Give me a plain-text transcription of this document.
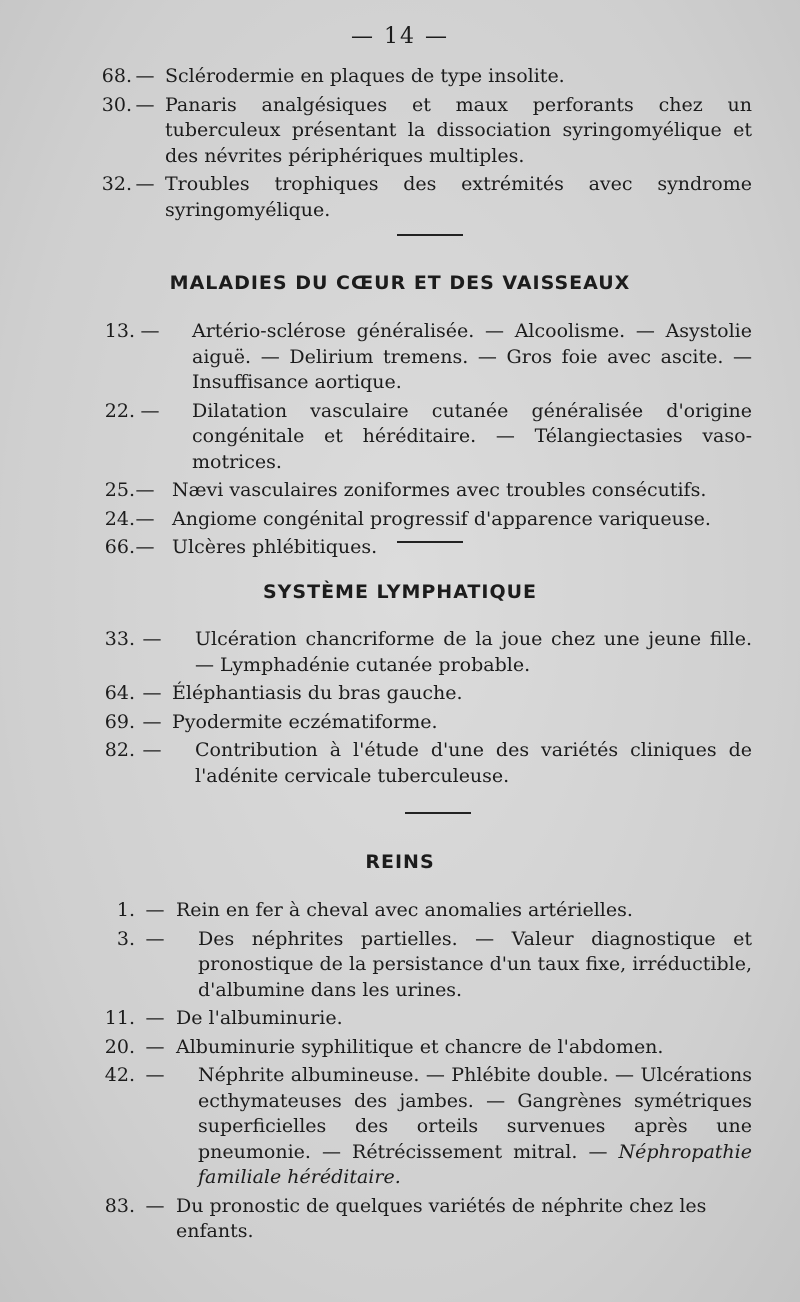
— 14 —
68. — Sclérodermie en plaques de type insolite.
30. — Panaris analgésiques et maux perforants chez un tuberculeux présentant la dissociation syringomyélique et des névrites périphériques multiples.
32. — Troubles trophiques des extrémités avec syndrome syringomyélique.
MALADIES DU CŒUR ET DES VAISSEAUX
13. —	Artério-sclérose généralisée. — Alcoolisme. — Asystolie aiguë. — Delirium tremens. — Gros foie avec ascite. — Insuffisance aortique.
22. —	Dilatation vasculaire cutanée généralisée d'origine congénitale et héréditaire. — Télangiectasies vaso-motrices.
25. — Nævi vasculaires zoniformes avec troubles consécutifs.
24. — Angiome congénital progressif d'apparence variqueuse.
66. — Ulcères phlébitiques.
SYSTÈME LYMPHATIQUE
33. —	Ulcération chancriforme de la joue chez une jeune fille. — Lymphadénie cutanée probable.
64. — Éléphantiasis du bras gauche.
69. — Pyodermite eczématiforme.
82. —	Contribution à l'étude d'une des variétés cliniques de l'adénite cervicale tuberculeuse.
REINS
1. — Rein en fer à cheval avec anomalies artérielles.
3. —	Des néphrites partielles. — Valeur diagnostique et pronostique de la persistance d'un taux fixe, irréductible, d'albumine dans les urines.
11. — De l'albuminurie.
20. — Albuminurie syphilitique et chancre de l'abdomen.
42. —	Néphrite albumineuse. — Phlébite double. — Ulcérations ecthymateuses des jambes. — Gangrènes symétriques superficielles des orteils survenues après une pneumonie. — Rétrécissement mitral. — Néphropathie familiale héréditaire.
83. — Du pronostic de quelques variétés de néphrite chez les enfants.
